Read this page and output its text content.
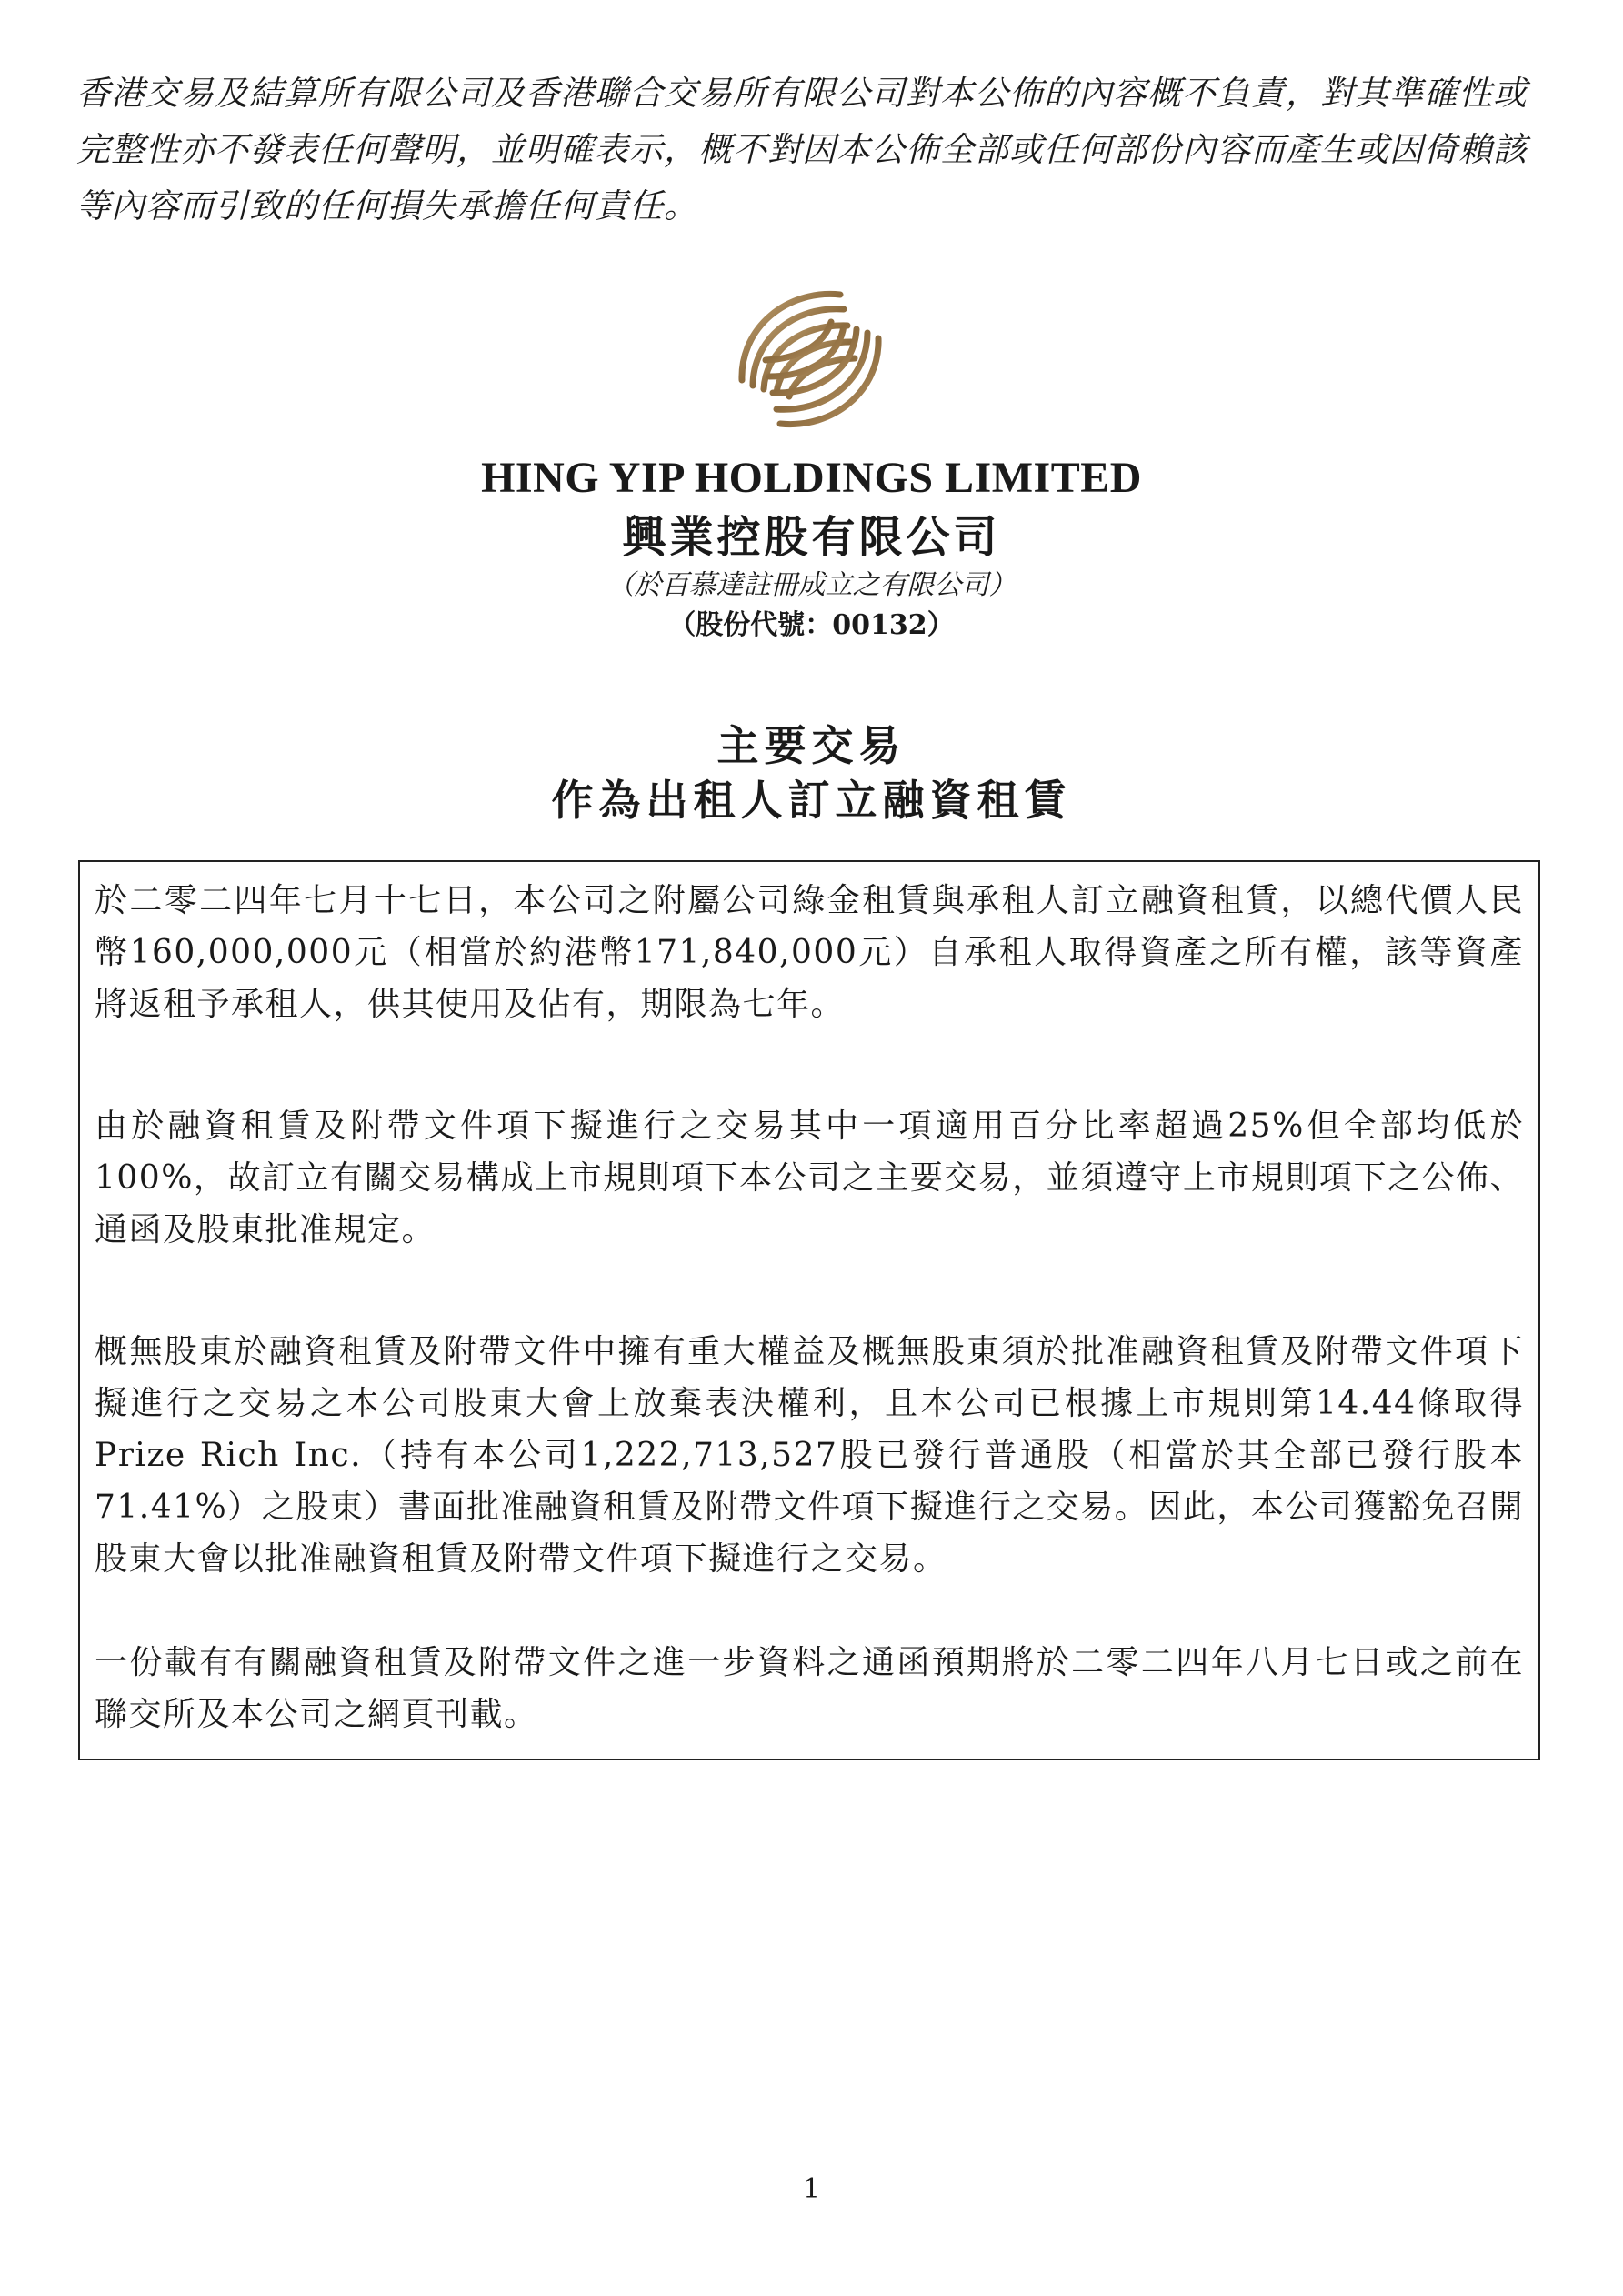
香港交易及結算所有限公司及香港聯合交易所有限公司對本公佈的內容概不負責，對其準確性或完整性亦不發表任何聲明，並明確表示，概不對因本公佈全部或任何部份內容而產生或因倚賴該等內容而引致的任何損失承擔任何責任。
HING YIP HOLDINGS LIMITED
興業控股有限公司
（於百慕達註冊成立之有限公司）
（股份代號：00132）
主要交易
作為出租人訂立融資租賃
於二零二四年七月十七日，本公司之附屬公司綠金租賃與承租人訂立融資租賃，以總代價人民幣160,000,000元（相當於約港幣171,840,000元）自承租人取得資產之所有權，該等資產將返租予承租人，供其使用及佔有，期限為七年。
由於融資租賃及附帶文件項下擬進行之交易其中一項適用百分比率超過25%但全部均低於100%，故訂立有關交易構成上市規則項下本公司之主要交易，並須遵守上市規則項下之公佈、通函及股東批准規定。
概無股東於融資租賃及附帶文件中擁有重大權益及概無股東須於批准融資租賃及附帶文件項下擬進行之交易之本公司股東大會上放棄表決權利，且本公司已根據上市規則第14.44條取得Prize Rich Inc.（持有本公司1,222,713,527股已發行普通股（相當於其全部已發行股本71.41%）之股東）書面批准融資租賃及附帶文件項下擬進行之交易。因此，本公司獲豁免召開股東大會以批准融資租賃及附帶文件項下擬進行之交易。
一份載有有關融資租賃及附帶文件之進一步資料之通函預期將於二零二四年八月七日或之前在聯交所及本公司之網頁刊載。
1
